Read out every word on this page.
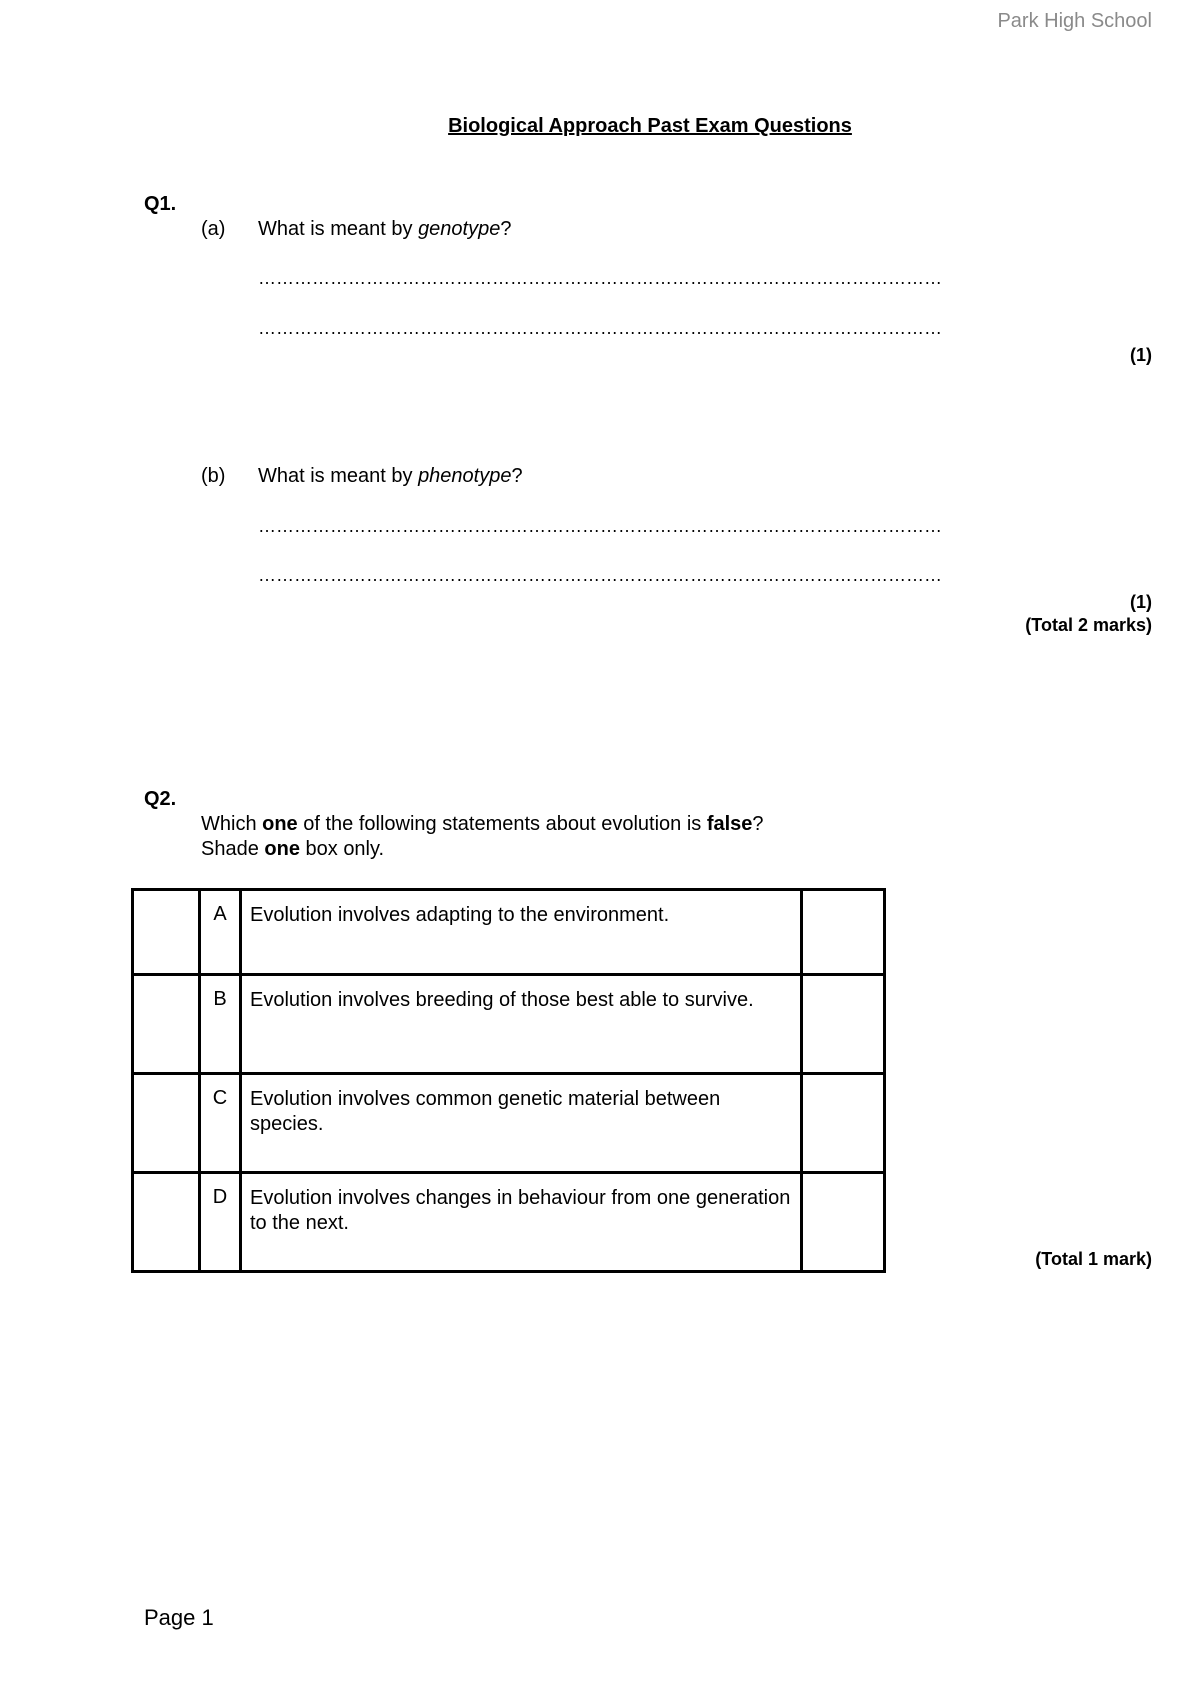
Park High School
Biological Approach Past Exam Questions
Q1.
(a) What is meant by genotype?
……………………………………………………………………………………………………
……………………………………………………………………………………………………
(1)
(b) What is meant by phenotype?
……………………………………………………………………………………………………
……………………………………………………………………………………………………
(1)
(Total 2 marks)
Q2.
Which one of the following statements about evolution is false?
Shade one box only.
	A	Evolution involves adapting to the environment.	
	B	Evolution involves breeding of those best able to survive.	
	C	Evolution involves common genetic material between species.	
	D	Evolution involves changes in behaviour from one generation to the next.	
(Total 1 mark)
Page 1
